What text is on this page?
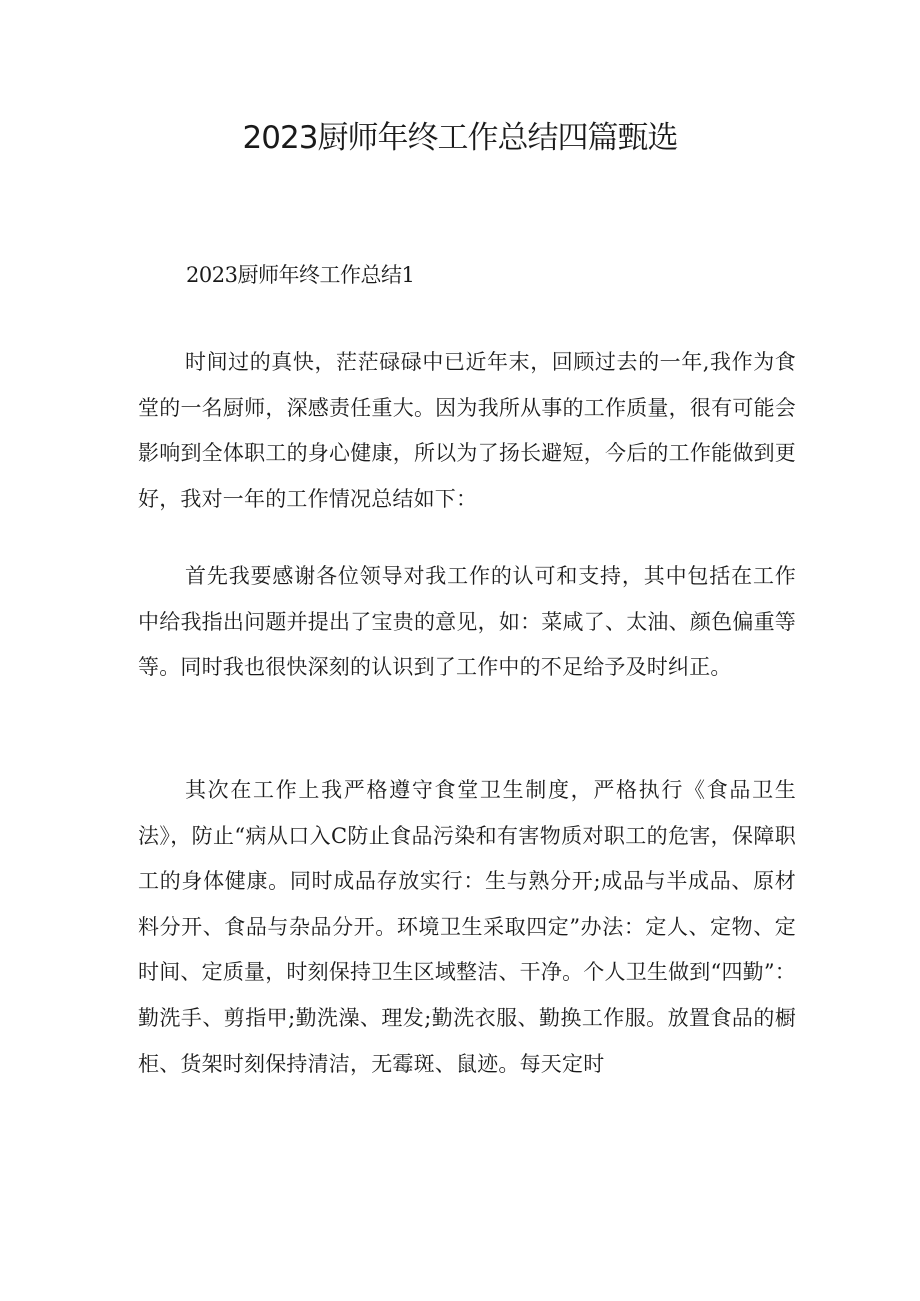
2023厨师年终工作总结四篇甄选

2023厨师年终工作总结1

时间过的真快，茫茫碌碌中已近年末，回顾过去的一年,我作为食堂的一名厨师，深感责任重大。因为我所从事的工作质量，很有可能会影响到全体职工的身心健康，所以为了扬长避短，今后的工作能做到更好，我对一年的工作情况总结如下：

首先我要感谢各位领导对我工作的认可和支持，其中包括在工作中给我指出问题并提出了宝贵的意见，如：菜咸了、太油、颜色偏重等等。同时我也很快深刻的认识到了工作中的不足给予及时纠正。

其次在工作上我严格遵守食堂卫生制度，严格执行《食品卫生法》，防止“病从口入C防止食品污染和有害物质对职工的危害，保障职工的身体健康。同时成品存放实行：生与熟分开;成品与半成品、原材料分开、食品与杂品分开。环境卫生采取四定”办法：定人、定物、定时间、定质量，时刻保持卫生区域整洁、干净。个人卫生做到“四勤”：勤洗手、剪指甲;勤洗澡、理发;勤洗衣服、勤换工作服。放置食品的橱柜、货架时刻保持清洁，无霉斑、鼠迹。每天定时
